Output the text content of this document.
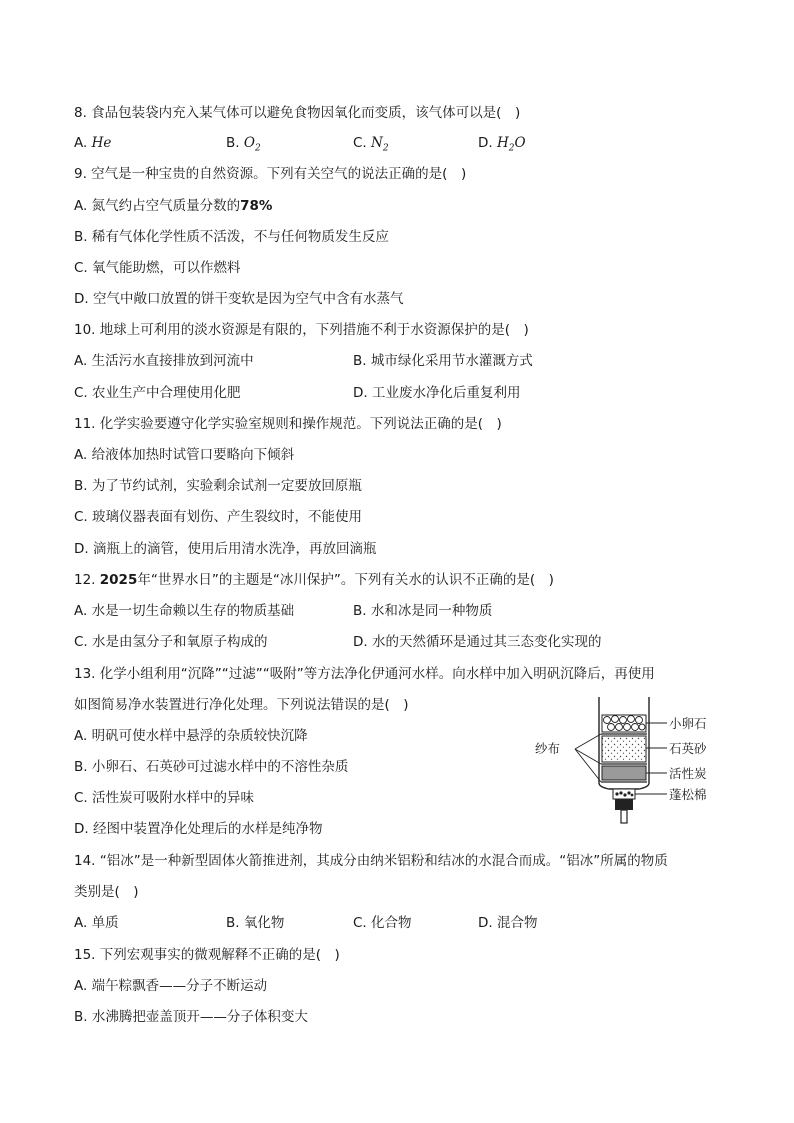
8. 食品包装袋内充入某气体可以避免食物因氧化而变质，该气体可以是(　)
A. He	B. $O_2$	C. $N_2$	D. $H_2O$
9. 空气是一种宝贵的自然资源。下列有关空气的说法正确的是(　)
A. 氮气约占空气质量分数的78%
B. 稀有气体化学性质不活泼，不与任何物质发生反应
C. 氧气能助燃，可以作燃料
D. 空气中敞口放置的饼干变软是因为空气中含有水蒸气
10. 地球上可利用的淡水资源是有限的，下列措施不利于水资源保护的是(　)
A. 生活污水直接排放到河流中	B. 城市绿化采用节水灌溉方式
C. 农业生产中合理使用化肥	D. 工业废水净化后重复利用
11. 化学实验要遵守化学实验室规则和操作规范。下列说法正确的是(　)
A. 给液体加热时试管口要略向下倾斜
B. 为了节约试剂，实验剩余试剂一定要放回原瓶
C. 玻璃仪器表面有划伤、产生裂纹时，不能使用
D. 滴瓶上的滴管，使用后用清水洗净，再放回滴瓶
12. 2025年“世界水日”的主题是“冰川保护”。下列有关水的认识不正确的是(　)
A. 水是一切生命赖以生存的物质基础	B. 水和冰是同一种物质
C. 水是由氢分子和氧原子构成的	D. 水的天然循环是通过其三态变化实现的
13. 化学小组利用“沉降”“过滤”“吸附”等方法净化伊通河水样。向水样中加入明矾沉降后，再使用
如图简易净水装置进行净化处理。下列说法错误的是(　)
A. 明矾可使水样中悬浮的杂质较快沉降
B. 小卵石、石英砂可过滤水样中的不溶性杂质
C. 活性炭可吸附水样中的异味
D. 经图中装置净化处理后的水样是纯净物
纱布
小卵石
石英砂
活性炭
蓬松棉
14. “铝冰”是一种新型固体火箭推进剂，其成分由纳米铝粉和结冰的水混合而成。“铝冰”所属的物质
类别是(　)
A. 单质	B. 氧化物	C. 化合物	D. 混合物
15. 下列宏观事实的微观解释不正确的是(　)
A. 端午粽飘香——分子不断运动
B. 水沸腾把壶盖顶开——分子体积变大
